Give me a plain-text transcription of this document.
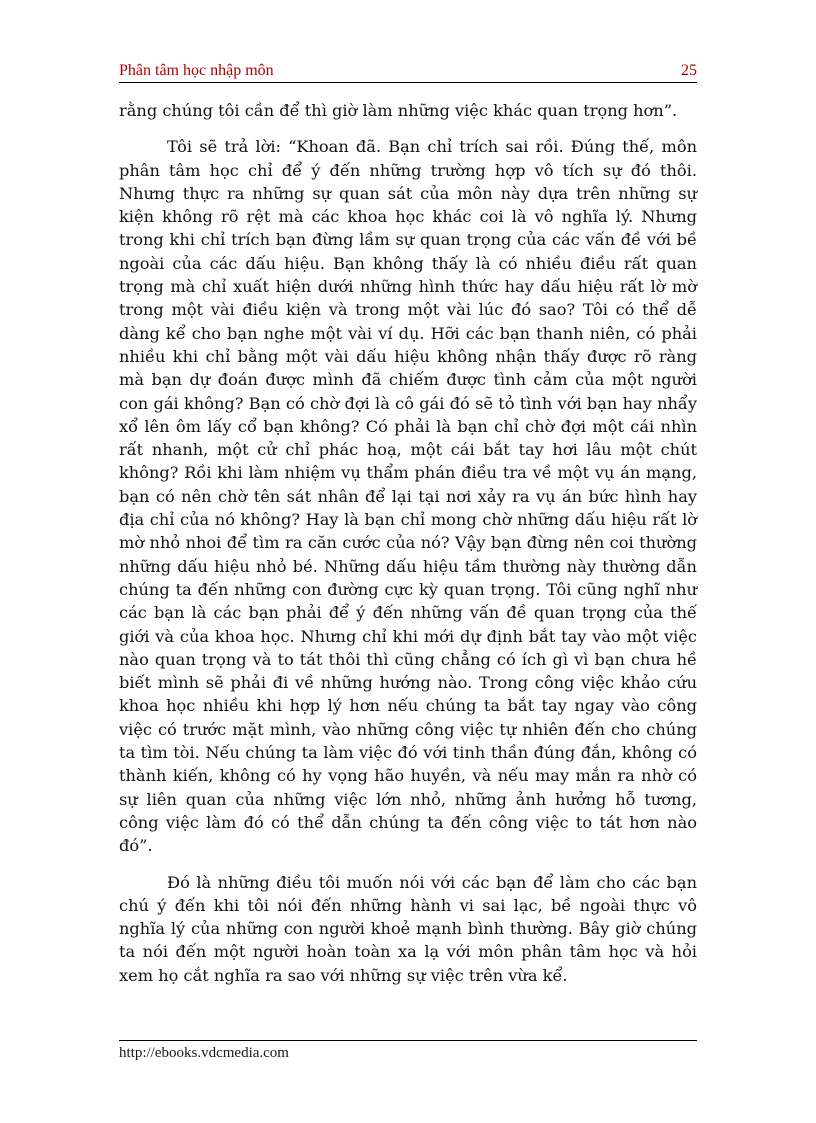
Phân tâm học nhập môn	25

rằng chúng tôi cần để thì giờ làm những việc khác quan trọng hơn”.

Tôi sẽ trả lời: “Khoan đã. Bạn chỉ trích sai rồi. Đúng thế, môn phân tâm học chỉ để ý đến những trường hợp vô tích sự đó thôi. Nhưng thực ra những sự quan sát của môn này dựa trên những sự kiện không rõ rệt mà các khoa học khác coi là vô nghĩa lý. Nhưng trong khi chỉ trích bạn đừng lầm sự quan trọng của các vấn đề với bề ngoài của các dấu hiệu. Bạn không thấy là có nhiều điều rất quan trọng mà chỉ xuất hiện dưới những hình thức hay dấu hiệu rất lờ mờ trong một vài điều kiện và trong một vài lúc đó sao? Tôi có thể dễ dàng kể cho bạn nghe một vài ví dụ. Hỡi các bạn thanh niên, có phải nhiều khi chỉ bằng một vài dấu hiệu không nhận thấy được rõ ràng mà bạn dự đoán được mình đã chiếm được tình cảm của một người con gái không? Bạn có chờ đợi là cô gái đó sẽ tỏ tình với bạn hay nhẩy xổ lên ôm lấy cổ bạn không? Có phải là bạn chỉ chờ đợi một cái nhìn rất nhanh, một cử chỉ phác hoạ, một cái bắt tay hơi lâu một chút không? Rồi khi làm nhiệm vụ thẩm phán điều tra về một vụ án mạng, bạn có nên chờ tên sát nhân để lại tại nơi xảy ra vụ án bức hình hay địa chỉ của nó không? Hay là bạn chỉ mong chờ những dấu hiệu rất lờ mờ nhỏ nhoi để tìm ra căn cước của nó? Vậy bạn đừng nên coi thường những dấu hiệu nhỏ bé. Những dấu hiệu tầm thường này thường dẫn chúng ta đến những con đường cực kỳ quan trọng. Tôi cũng nghĩ như các bạn là các bạn phải để ý đến những vấn đề quan trọng của thế giới và của khoa học. Nhưng chỉ khi mới dự định bắt tay vào một việc nào quan trọng và to tát thôi thì cũng chẳng có ích gì vì bạn chưa hề biết mình sẽ phải đi về những hướng nào. Trong công việc khảo cứu khoa học nhiều khi hợp lý hơn nếu chúng ta bắt tay ngay vào công việc có trước mặt mình, vào những công việc tự nhiên đến cho chúng ta tìm tòi. Nếu chúng ta làm việc đó với tinh thần đúng đắn, không có thành kiến, không có hy vọng hão huyền, và nếu may mắn ra nhờ có sự liên quan của những việc lớn nhỏ, những ảnh hưởng hỗ tương, công việc làm đó có thể dẫn chúng ta đến công việc to tát hơn nào đó”.

Đó là những điều tôi muốn nói với các bạn để làm cho các bạn chú ý đến khi tôi nói đến những hành vi sai lạc, bề ngoài thực vô nghĩa lý của những con người khoẻ mạnh bình thường. Bây giờ chúng ta nói đến một người hoàn toàn xa lạ với môn phân tâm học và hỏi xem họ cắt nghĩa ra sao với những sự việc trên vừa kể.

http://ebooks.vdcmedia.com
